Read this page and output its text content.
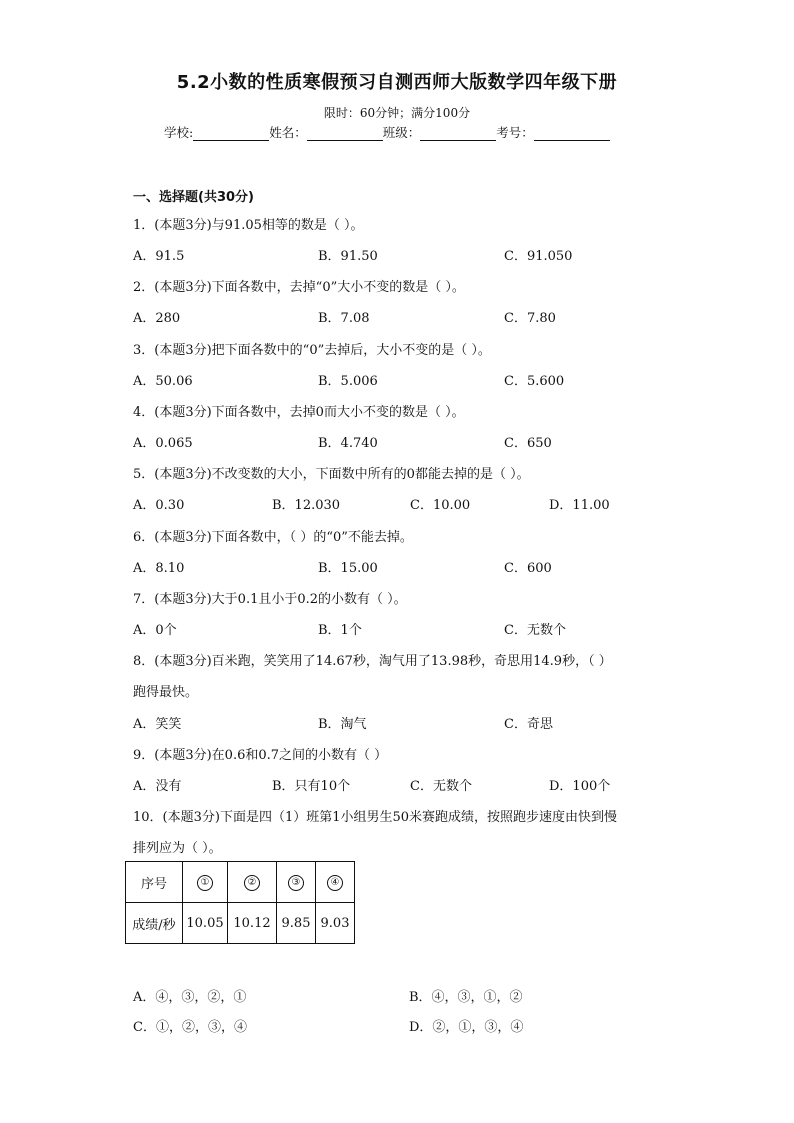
5.2小数的性质寒假预习自测西师大版数学四年级下册
限时：60分钟；满分100分
学校:	姓名：	班级：	考号：
一、选择题(共30分)
1．(本题3分)与91.05相等的数是（ ）。
A．91.5	B．91.50	C．91.050
2．(本题3分)下面各数中，去掉“0”大小不变的数是（ ）。
A．280	B．7.08	C．7.80
3．(本题3分)把下面各数中的“0”去掉后，大小不变的是（ ）。
A．50.06	B．5.006	C．5.600
4．(本题3分)下面各数中，去掉0而大小不变的数是（ ）。
A．0.065	B．4.740	C．650
5．(本题3分)不改变数的大小，下面数中所有的0都能去掉的是（ ）。
A．0.30	B．12.030	C．10.00	D．11.00
6．(本题3分)下面各数中，（ ）的“0”不能去掉。
A．8.10	B．15.00	C．600
7．(本题3分)大于0.1且小于0.2的小数有（ ）。
A．0个	B．1个	C．无数个
8．(本题3分)百米跑，笑笑用了14.67秒，淘气用了13.98秒，奇思用14.9秒，（ ）
跑得最快。
A．笑笑	B．淘气	C．奇思
9．(本题3分)在0.6和0.7之间的小数有（ ）
A．没有	B．只有10个	C．无数个	D．100个
10．(本题3分)下面是四（1）班第1小组男生50米赛跑成绩，按照跑步速度由快到慢
排列应为（ ）。
序号	①	②	③	④
成绩/秒	10.05	10.12	9.85	9.03
A．④，③，②，①	B．④，③，①，②
C．①，②，③，④	D．②，①，③，④
